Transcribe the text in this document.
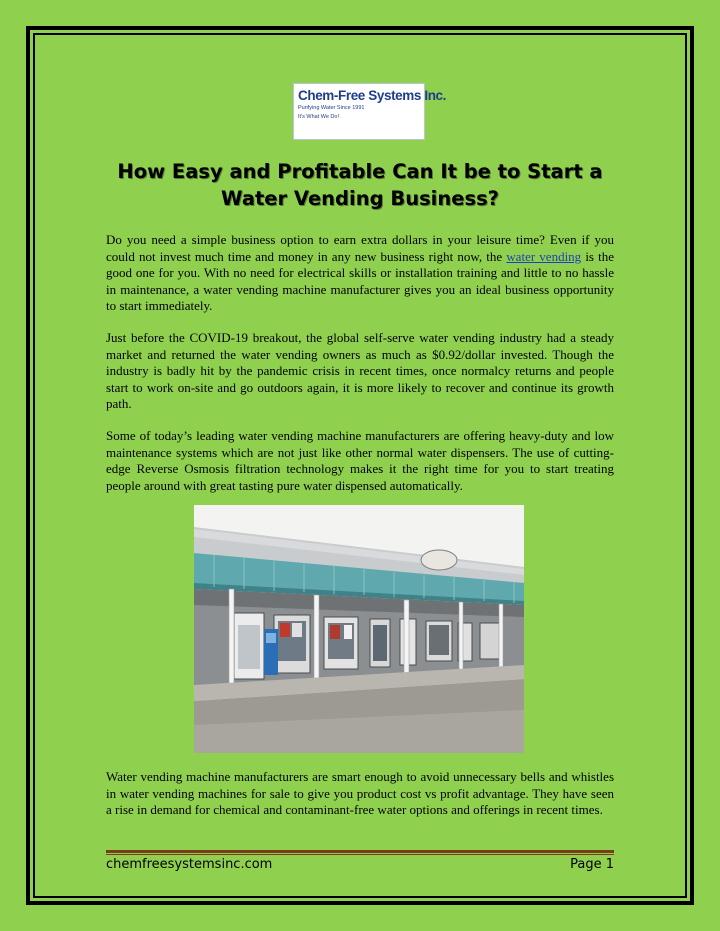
Chem-Free Systems Inc.
Purifying Water Since 1991
It's What We Do!
How Easy and Profitable Can It be to Start a Water Vending Business?

Do you need a simple business option to earn extra dollars in your leisure time? Even if you could not invest much time and money in any new business right now, the water vending is the good one for you. With no need for electrical skills or installation training and little to no hassle in maintenance, a water vending machine manufacturer gives you an ideal business opportunity to start immediately.

Just before the COVID-19 breakout, the global self-serve water vending industry had a steady market and returned the water vending owners as much as $0.92/dollar invested. Though the industry is badly hit by the pandemic crisis in recent times, once normalcy returns and people start to work on-site and go outdoors again, it is more likely to recover and continue its growth path.

Some of today’s leading water vending machine manufacturers are offering heavy-duty and low maintenance systems which are not just like other normal water dispensers. The use of cutting-edge Reverse Osmosis filtration technology makes it the right time for you to start treating people around with great tasting pure water dispensed automatically.

Water vending machine manufacturers are smart enough to avoid unnecessary bells and whistles in water vending machines for sale to give you product cost vs profit advantage. They have seen a rise in demand for chemical and contaminant-free water options and offerings in recent times.

chemfreesystemsinc.com	Page 1
